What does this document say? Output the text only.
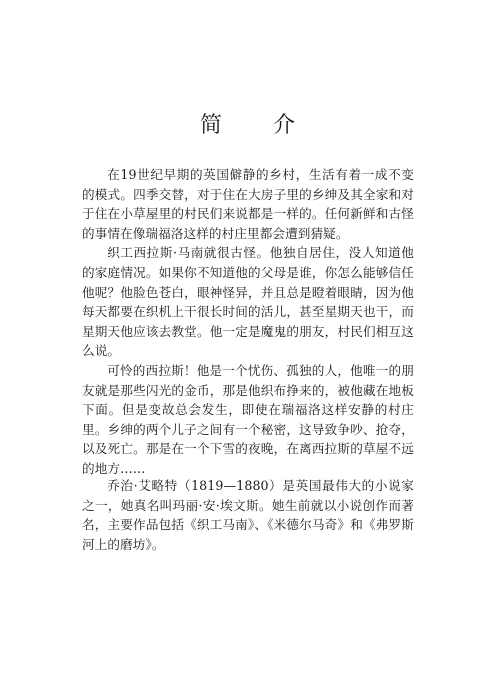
简 介

在19世纪早期的英国僻静的乡村，生活有着一成不变的模式。四季交替，对于住在大房子里的乡绅及其全家和对于住在小草屋里的村民们来说都是一样的。任何新鲜和古怪的事情在像瑞福洛这样的村庄里都会遭到猜疑。

织工西拉斯·马南就很古怪。他独自居住，没人知道他的家庭情况。如果你不知道他的父母是谁，你怎么能够信任他呢？他脸色苍白，眼神怪异，并且总是瞪着眼睛，因为他每天都要在织机上干很长时间的活儿，甚至星期天也干，而星期天他应该去教堂。他一定是魔鬼的朋友，村民们相互这么说。

可怜的西拉斯！他是一个忧伤、孤独的人，他唯一的朋友就是那些闪光的金币，那是他织布挣来的，被他藏在地板下面。但是变故总会发生，即使在瑞福洛这样安静的村庄里。乡绅的两个儿子之间有一个秘密，这导致争吵、抢夺，以及死亡。那是在一个下雪的夜晚，在离西拉斯的草屋不远的地方……

乔治·艾略特（1819—1880）是英国最伟大的小说家之一，她真名叫玛丽·安·埃文斯。她生前就以小说创作而著名，主要作品包括《织工马南》、《米德尔马奇》和《弗罗斯河上的磨坊》。
